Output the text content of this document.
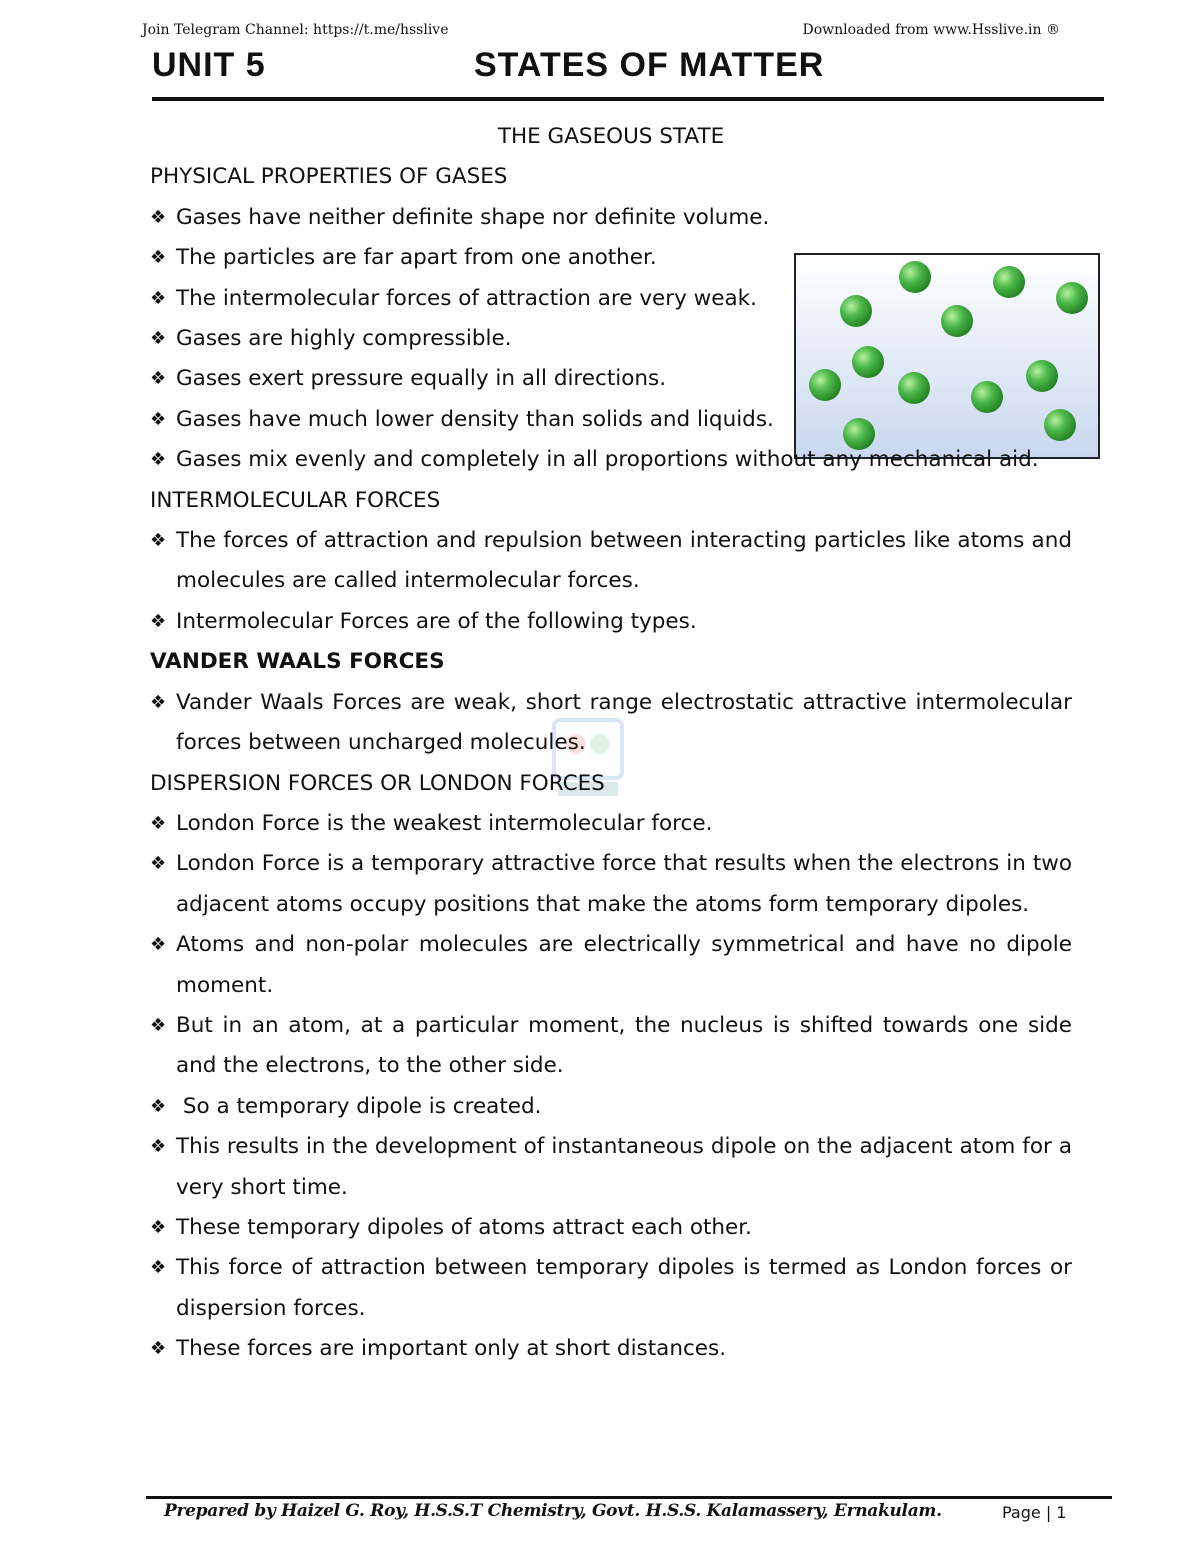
Join Telegram Channel: https://t.me/hsslive	Downloaded from www.Hsslive.in ®
UNIT 5	STATES OF MATTER
THE GASEOUS STATE
PHYSICAL PROPERTIES OF GASES
❖ Gases have neither definite shape nor definite volume.
❖ The particles are far apart from one another.
❖ The intermolecular forces of attraction are very weak.
❖ Gases are highly compressible.
❖ Gases exert pressure equally in all directions.
❖ Gases have much lower density than solids and liquids.
❖ Gases mix evenly and completely in all proportions without any mechanical aid.
INTERMOLECULAR FORCES
❖ The forces of attraction and repulsion between interacting particles like atoms and molecules are called intermolecular forces.
❖ Intermolecular Forces are of the following types.
VANDER WAALS FORCES
❖ Vander Waals Forces are weak, short range electrostatic attractive intermolecular forces between uncharged molecules.
DISPERSION FORCES OR LONDON FORCES
❖ London Force is the weakest intermolecular force.
❖ London Force is a temporary attractive force that results when the electrons in two adjacent atoms occupy positions that make the atoms form temporary dipoles.
❖ Atoms and non-polar molecules are electrically symmetrical and have no dipole moment.
❖ But in an atom, at a particular moment, the nucleus is shifted towards one side and the electrons, to the other side.
❖ So a temporary dipole is created.
❖ This results in the development of instantaneous dipole on the adjacent atom for a very short time.
❖ These temporary dipoles of atoms attract each other.
❖ This force of attraction between temporary dipoles is termed as London forces or dispersion forces.
❖ These forces are important only at short distances.
Prepared by Haizel G. Roy, H.S.S.T Chemistry, Govt. H.S.S. Kalamassery, Ernakulam.	Page | 1
